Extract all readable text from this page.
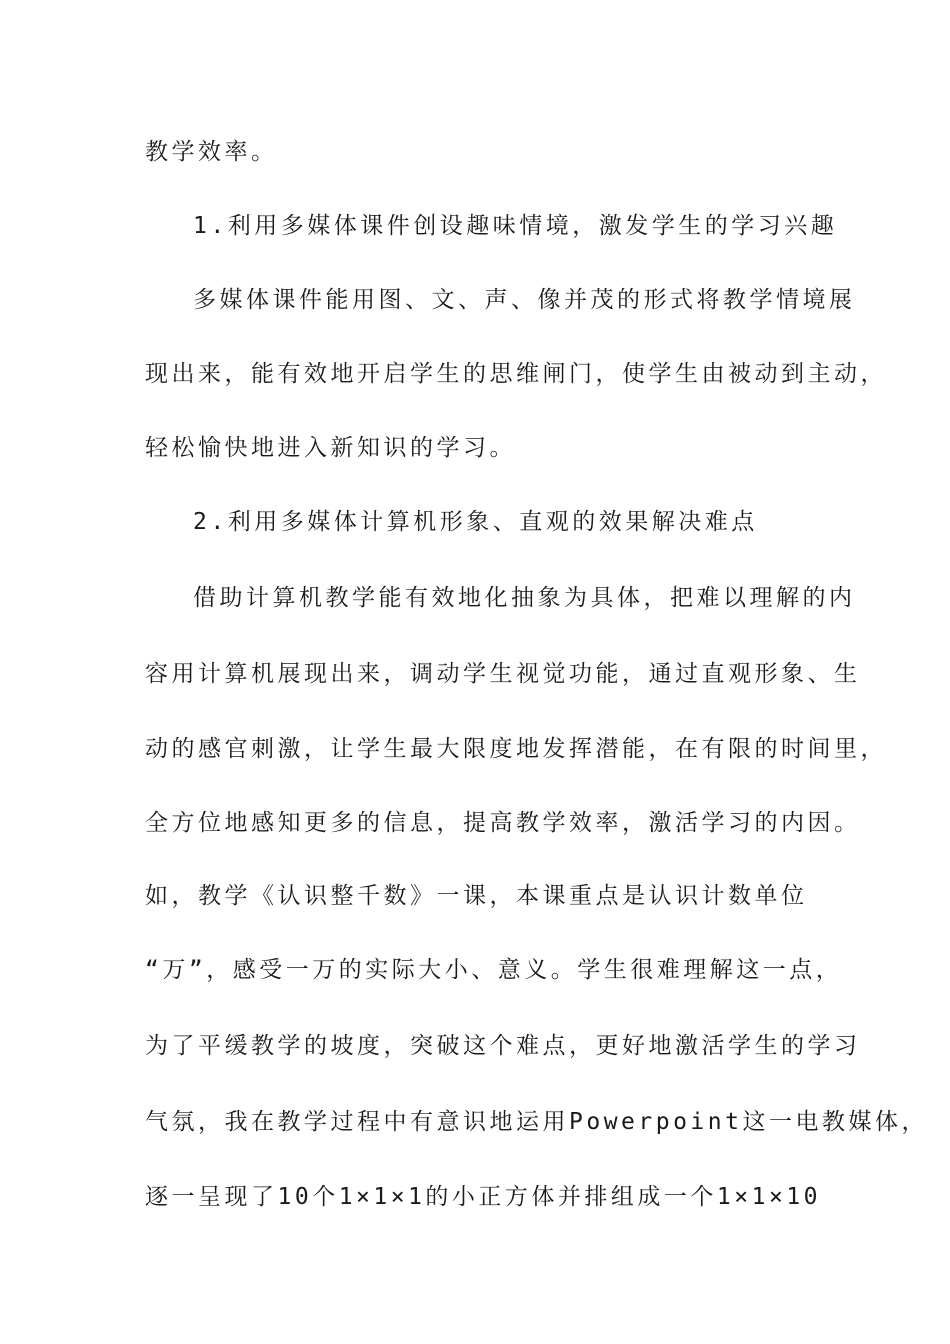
教学效率。
1.利用多媒体课件创设趣味情境，激发学生的学习兴趣
多媒体课件能用图、文、声、像并茂的形式将教学情境展
现出来，能有效地开启学生的思维闸门，使学生由被动到主动，
轻松愉快地进入新知识的学习。
2.利用多媒体计算机形象、直观的效果解决难点
借助计算机教学能有效地化抽象为具体，把难以理解的内
容用计算机展现出来，调动学生视觉功能，通过直观形象、生
动的感官刺激，让学生最大限度地发挥潜能，在有限的时间里，
全方位地感知更多的信息，提高教学效率，激活学习的内因。
如，教学《认识整千数》一课，本课重点是认识计数单位
“万”，感受一万的实际大小、意义。学生很难理解这一点，
为了平缓教学的坡度，突破这个难点，更好地激活学生的学习
气氛，我在教学过程中有意识地运用Powerpoint这一电教媒体，
逐一呈现了10个1×1×1的小正方体并排组成一个1×1×10
